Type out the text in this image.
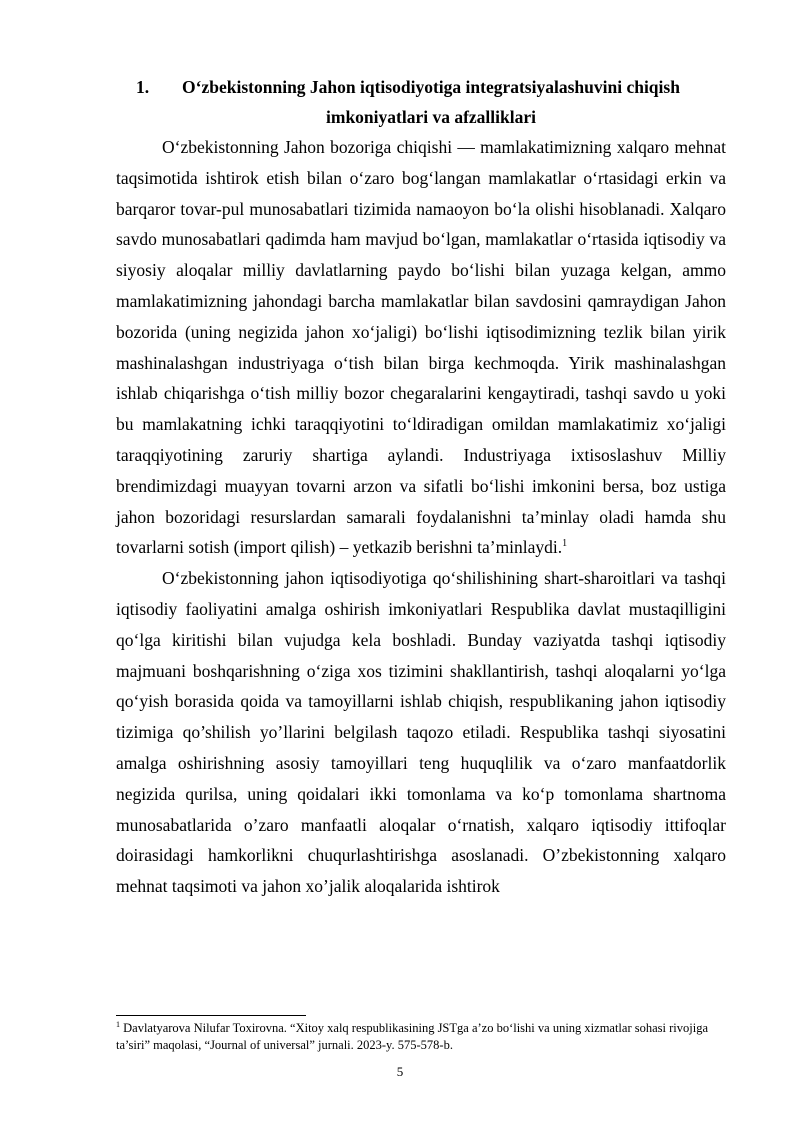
1.	O‘zbekistonning Jahon iqtisodiyotiga integratsiyalashuvini chiqish imkoniyatlari va afzalliklari

O‘zbekistonning Jahon bozoriga chiqishi — mamlakatimizning xalqaro mehnat taqsimotida ishtirok etish bilan o‘zaro bog‘langan mamlakatlar o‘rtasidagi erkin va barqaror tovar-pul munosabatlari tizimida namaoyon bo‘la olishi hisoblanadi. Xalqaro savdo munosabatlari qadimda ham mavjud bo‘lgan, mamlakatlar o‘rtasida iqtisodiy va siyosiy aloqalar milliy davlatlarning paydo bo‘lishi bilan yuzaga kelgan, ammo mamlakatimizning jahondagi barcha mamlakatlar bilan savdosini qamraydigan Jahon bozorida (uning negizida jahon xo‘jaligi) bo‘lishi iqtisodimizning tezlik bilan yirik mashinalashgan industriyaga o‘tish bilan birga kechmoqda. Yirik mashinalashgan ishlab chiqarishga o‘tish milliy bozor chegaralarini kengaytiradi, tashqi savdo u yoki bu mamlakatning ichki taraqqiyotini to‘ldiradigan omildan mamlakatimiz xo‘jaligi taraqqiyotining zaruriy shartiga aylandi. Industriyaga ixtisoslashuv Milliy brendimizdagi muayyan tovarni arzon va sifatli bo‘lishi imkonini bersa, boz ustiga jahon bozoridagi resurslardan samarali foydalanishni ta’minlay oladi hamda shu tovarlarni sotish (import qilish) – yetkazib berishni ta’minlaydi.$^1$

O‘zbekistonning jahon iqtisodiyotiga qo‘shilishining shart-sharoitlari va tashqi iqtisodiy faoliyatini amalga oshirish imkoniyatlari Respublika davlat mustaqilligini qo‘lga kiritishi bilan vujudga kela boshladi. Bunday vaziyatda tashqi iqtisodiy majmuani boshqarishning o‘ziga xos tizimini shakllantirish, tashqi aloqalarni yo‘lga qo‘yish borasida qoida va tamoyillarni ishlab chiqish, respublikaning jahon iqtisodiy tizimiga qo’shilish yo’llarini belgilash taqozo etiladi. Respublika tashqi siyosatini amalga oshirishning asosiy tamoyillari teng huquqlilik va o‘zaro manfaatdorlik negizida qurilsa, uning qoidalari ikki tomonlama va ko‘p tomonlama shartnoma munosabatlarida o’zaro manfaatli aloqalar o‘rnatish, xalqaro iqtisodiy ittifoqlar doirasidagi hamkorlikni chuqurlashtirishga asoslanadi. O’zbekistonning xalqaro mehnat taqsimoti va jahon xo’jalik aloqalarida ishtirok

$^1$ Davlatyarova Nilufar Toxirovna. “Xitoy xalq respublikasining JSTga a’zo bo‘lishi va uning xizmatlar sohasi rivojiga ta’siri” maqolasi, “Journal of universal” jurnali. 2023-y. 575-578-b.
5
